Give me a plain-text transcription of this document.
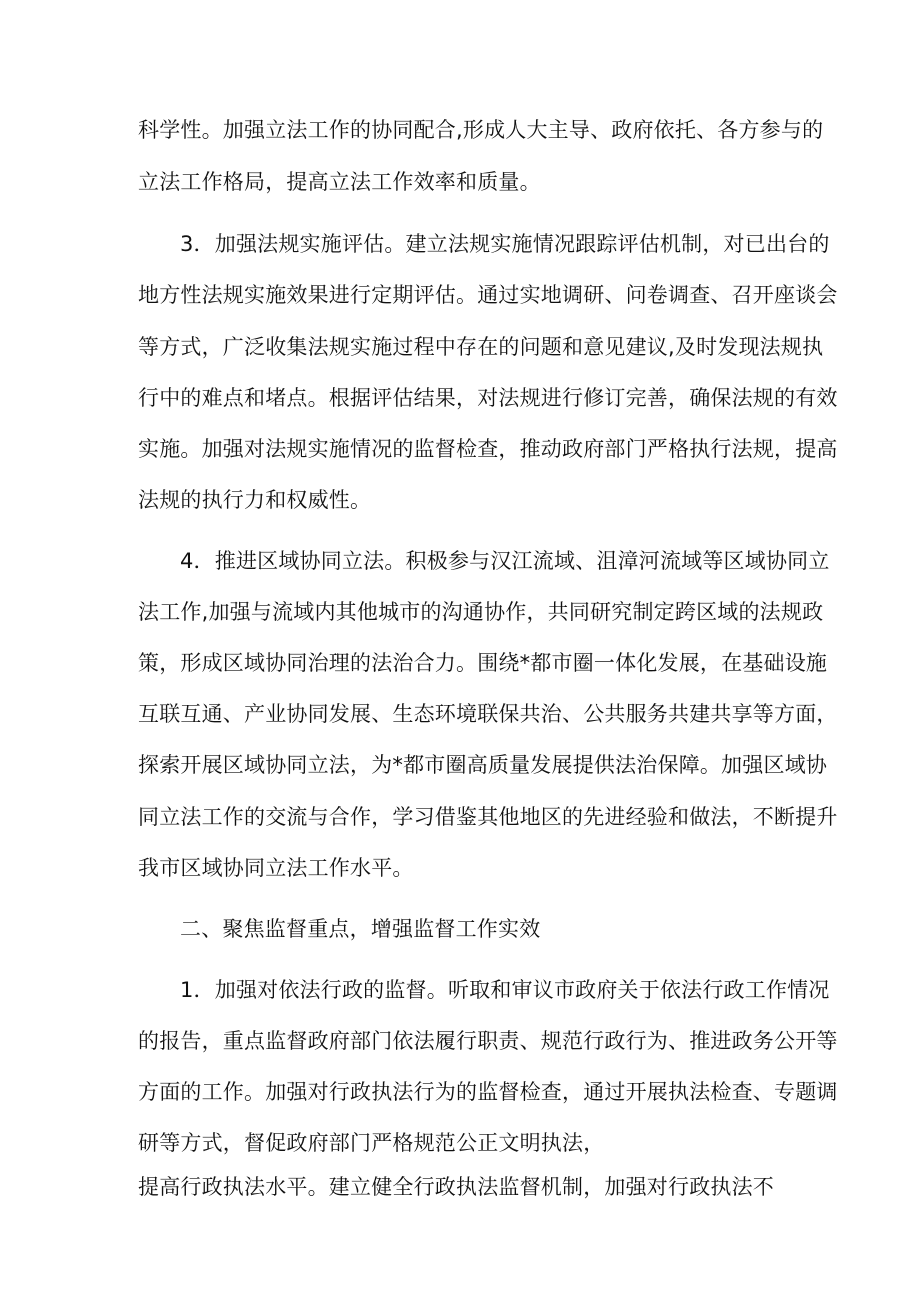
科学性。加强立法工作的协同配合,形成人大主导、政府依托、各方参与的
立法工作格局，提高立法工作效率和质量。
3．加强法规实施评估。建立法规实施情况跟踪评估机制，对已出台的
地方性法规实施效果进行定期评估。通过实地调研、问卷调查、召开座谈会
等方式，广泛收集法规实施过程中存在的问题和意见建议,及时发现法规执
行中的难点和堵点。根据评估结果，对法规进行修订完善，确保法规的有效
实施。加强对法规实施情况的监督检查，推动政府部门严格执行法规，提高
法规的执行力和权威性。
4．推进区域协同立法。积极参与汉江流域、沮漳河流域等区域协同立
法工作,加强与流域内其他城市的沟通协作，共同研究制定跨区域的法规政
策，形成区域协同治理的法治合力。围绕*都市圈一体化发展，在基础设施
互联互通、产业协同发展、生态环境联保共治、公共服务共建共享等方面，
探索开展区域协同立法，为*都市圈高质量发展提供法治保障。加强区域协
同立法工作的交流与合作，学习借鉴其他地区的先进经验和做法，不断提升
我市区域协同立法工作水平。
二、聚焦监督重点，增强监督工作实效
1．加强对依法行政的监督。听取和审议市政府关于依法行政工作情况
的报告，重点监督政府部门依法履行职责、规范行政行为、推进政务公开等
方面的工作。加强对行政执法行为的监督检查，通过开展执法检查、专题调
研等方式，督促政府部门严格规范公正文明执法，
提高行政执法水平。建立健全行政执法监督机制，加强对行政执法不
